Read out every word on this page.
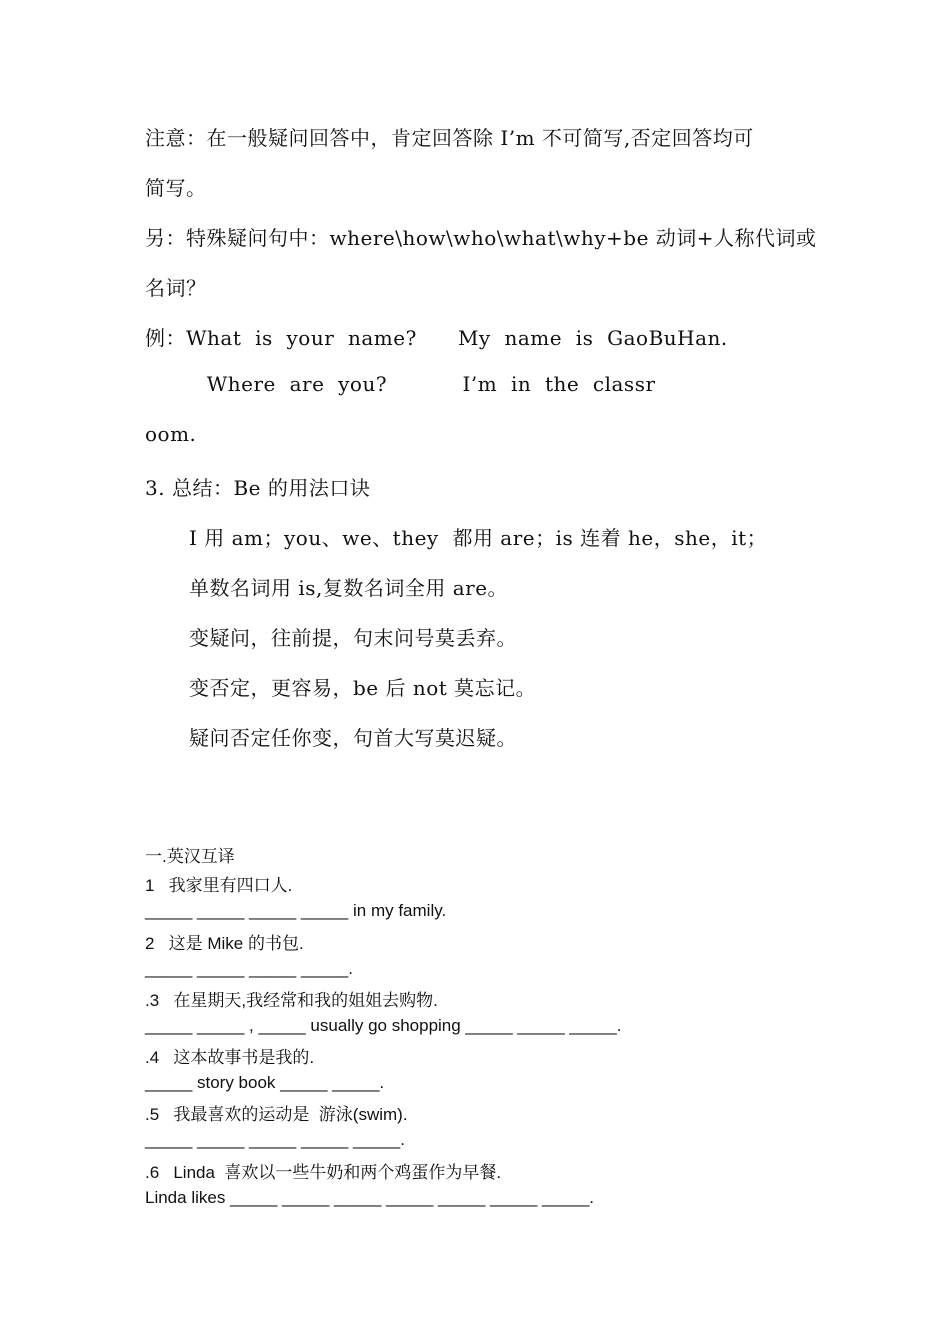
注意：在一般疑问回答中，肯定回答除 I’m 不可简写,否定回答均可
简写。
另：特殊疑问句中：where\how\who\what\why+be 动词+人称代词或
名词？
例：What  is  your  name?      My  name  is  GaoBuHan.
Where  are  you?           I’m  in  the  classr
oom.
3. 总结：Be 的用法口诀
I 用 am；you、we、they  都用 are；is 连着 he，she，it；
单数名词用 is,复数名词全用 are。
变疑问，往前提，句末问号莫丢弃。
变否定，更容易，be 后 not 莫忘记。
疑问否定任你变，句首大写莫迟疑。
一.英汉互译
1   我家里有四口人.
_____ _____ _____ _____ in my family.
2   这是 Mike 的书包.
_____ _____ _____ _____.
.3   在星期天,我经常和我的姐姐去购物.
_____ _____ , _____ usually go shopping _____ _____ _____.
.4   这本故事书是我的.
_____ story book _____ _____.
.5   我最喜欢的运动是  游泳(swim).
_____ _____ _____ _____ _____.
.6   Linda  喜欢以一些牛奶和两个鸡蛋作为早餐.
Linda likes _____ _____ _____ _____ _____ _____ _____.
